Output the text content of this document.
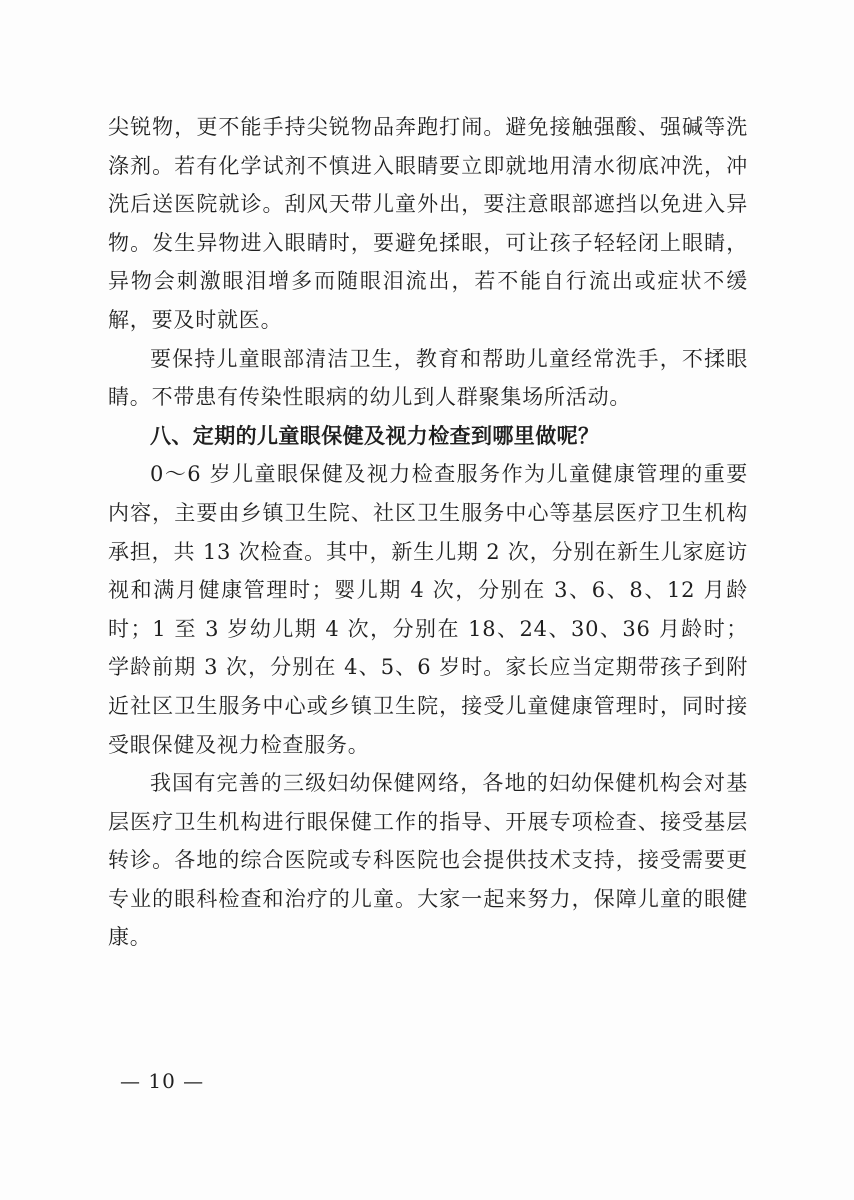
尖锐物，更不能手持尖锐物品奔跑打闹。避免接触强酸、强碱等洗涤剂。若有化学试剂不慎进入眼睛要立即就地用清水彻底冲洗，冲洗后送医院就诊。刮风天带儿童外出，要注意眼部遮挡以免进入异物。发生异物进入眼睛时，要避免揉眼，可让孩子轻轻闭上眼睛，异物会刺激眼泪增多而随眼泪流出，若不能自行流出或症状不缓解，要及时就医。

要保持儿童眼部清洁卫生，教育和帮助儿童经常洗手，不揉眼睛。不带患有传染性眼病的幼儿到人群聚集场所活动。

八、定期的儿童眼保健及视力检查到哪里做呢？

0～6 岁儿童眼保健及视力检查服务作为儿童健康管理的重要内容，主要由乡镇卫生院、社区卫生服务中心等基层医疗卫生机构承担，共 13 次检查。其中，新生儿期 2 次，分别在新生儿家庭访视和满月健康管理时；婴儿期 4 次，分别在 3、6、8、12 月龄时；1 至 3 岁幼儿期 4 次，分别在 18、24、30、36 月龄时；学龄前期 3 次，分别在 4、5、6 岁时。家长应当定期带孩子到附近社区卫生服务中心或乡镇卫生院，接受儿童健康管理时，同时接受眼保健及视力检查服务。

我国有完善的三级妇幼保健网络，各地的妇幼保健机构会对基层医疗卫生机构进行眼保健工作的指导、开展专项检查、接受基层转诊。各地的综合医院或专科医院也会提供技术支持，接受需要更专业的眼科检查和治疗的儿童。大家一起来努力，保障儿童的眼健康。

— 10 —
